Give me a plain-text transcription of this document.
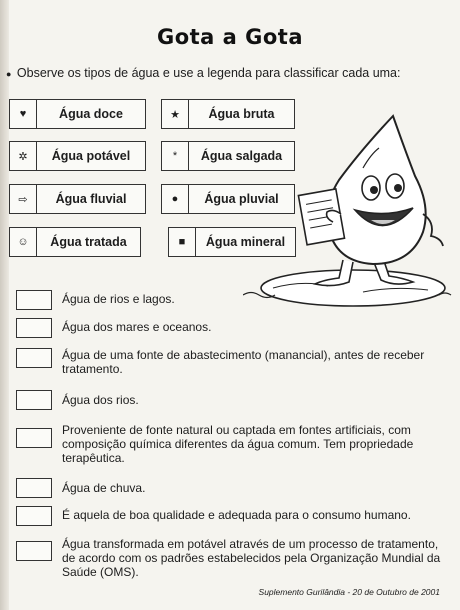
Gota a Gota
● Observe os tipos de água e use a legenda para classificar cada uma:
♥	Água doce	★	Água bruta
✲	Água potável	*	Água salgada
⇨	Água fluvial	●	Água pluvial
☺	Água tratada	■	Água mineral
Água de rios e lagos.
Água dos mares e oceanos.
Água de uma fonte de abastecimento (manancial), antes de receber tratamento.
Água dos rios.
Proveniente de fonte natural ou captada em fontes artificiais, com composição química diferentes da água comum. Tem propriedade terapêutica.
Água de chuva.
É aquela de boa qualidade e adequada para o consumo humano.
Água transformada em potável através de um processo de tratamento, de acordo com os padrões estabelecidos pela Organização Mundial da Saúde (OMS).
Suplemento Gurilândia - 20 de Outubro de 2001
